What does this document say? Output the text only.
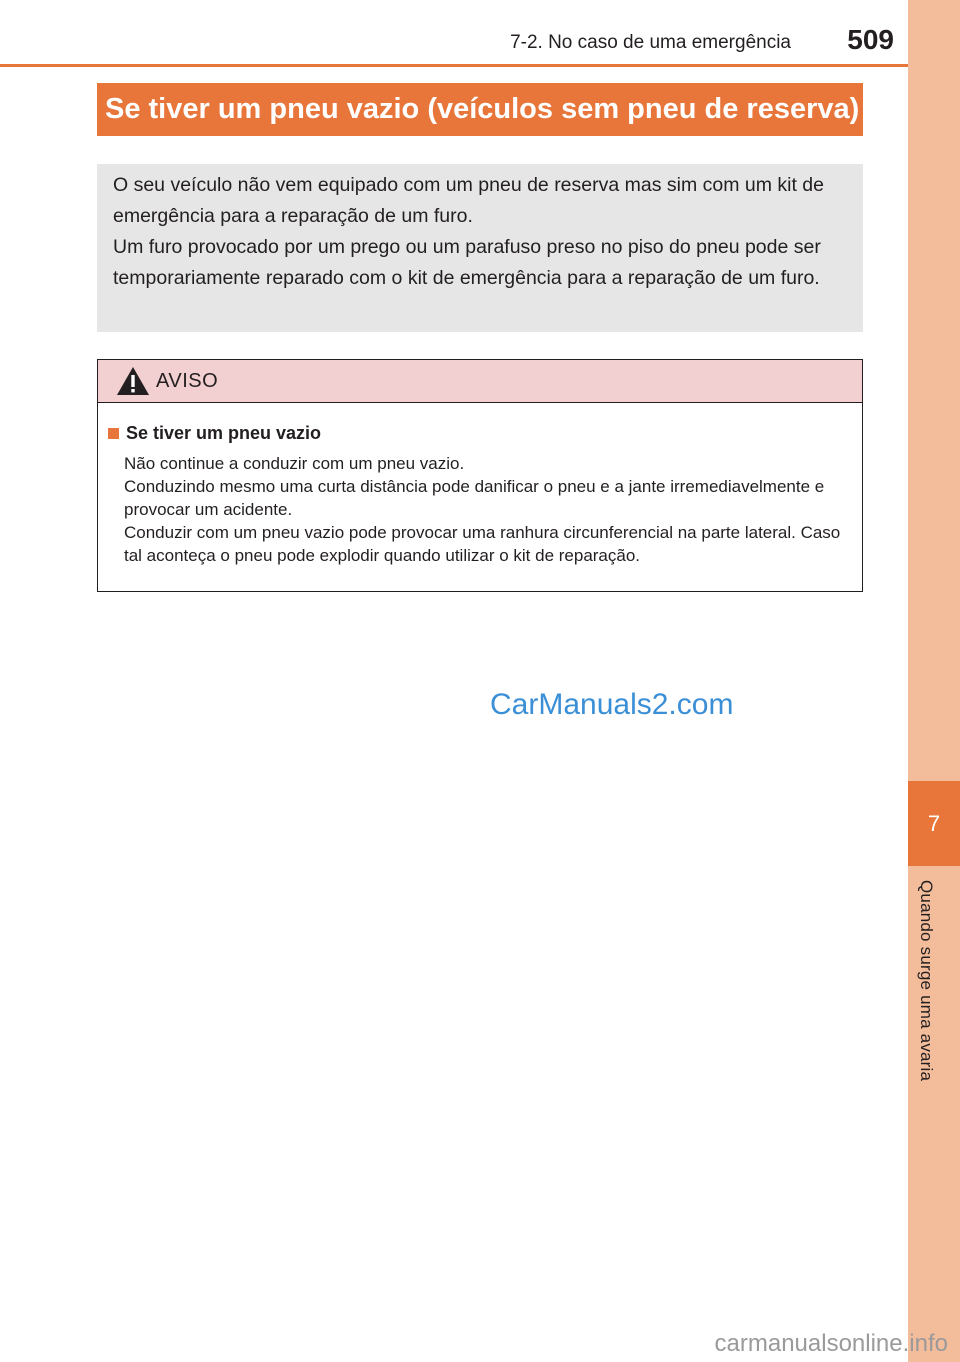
7
Quando surge uma avaria
7-2. No caso de uma emergência 509
Se tiver um pneu vazio (veículos sem pneu de reserva)

O seu veículo não vem equipado com um pneu de reserva mas sim com um kit de emergência para a reparação de um furo.

Um furo provocado por um prego ou um parafuso preso no piso do pneu pode ser temporariamente reparado com o kit de emergência para a reparação de um furo.

AVISO
Se tiver um pneu vazio

Não continue a conduzir com um pneu vazio.

Conduzindo mesmo uma curta distância pode danificar o pneu e a jante irremediavelmente e provocar um acidente.

Conduzir com um pneu vazio pode provocar uma ranhura circunferencial na parte lateral. Caso tal aconteça o pneu pode explodir quando utilizar o kit de reparação.

CarManuals2.com
carmanualsonline.info
